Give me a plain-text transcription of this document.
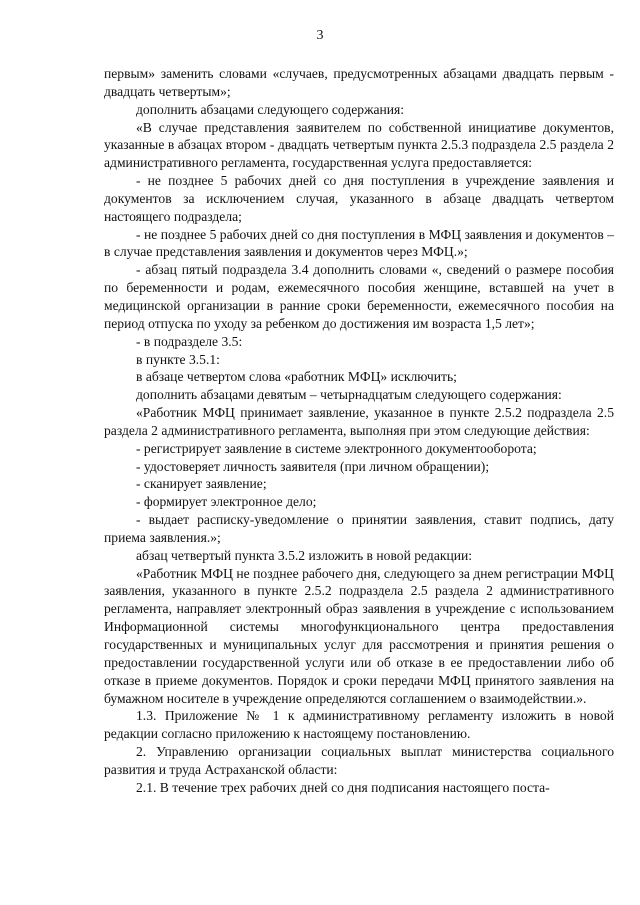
3

первым» заменить словами «случаев, предусмотренных абзацами двадцать первым - двадцать четвертым»;

дополнить абзацами следующего содержания:

«В случае представления заявителем по собственной инициативе документов, указанные в абзацах втором - двадцать четвертым пункта 2.5.3 подраздела 2.5 раздела 2 административного регламента, государственная услуга предоставляется:

- не позднее 5 рабочих дней со дня поступления в учреждение заявления и документов за исключением случая, указанного в абзаце двадцать четвертом настоящего подраздела;

- не позднее 5 рабочих дней со дня поступления в МФЦ заявления и документов – в случае представления заявления и документов через МФЦ.»;

- абзац пятый подраздела 3.4 дополнить словами «, сведений о размере пособия по беременности и родам, ежемесячного пособия женщине, вставшей на учет в медицинской организации в ранние сроки беременности, ежемесячного пособия на период отпуска по уходу за ребенком до достижения им возраста 1,5 лет»;

- в подразделе 3.5:

в пункте 3.5.1:

в абзаце четвертом слова «работник МФЦ» исключить;

дополнить абзацами девятым – четырнадцатым следующего содержания:

«Работник МФЦ принимает заявление, указанное в пункте 2.5.2 подраздела 2.5 раздела 2 административного регламента, выполняя при этом следующие действия:

- регистрирует заявление в системе электронного документооборота;

- удостоверяет личность заявителя (при личном обращении);

- сканирует заявление;

- формирует электронное дело;

- выдает расписку-уведомление о принятии заявления, ставит подпись, дату приема заявления.»;

абзац четвертый пункта 3.5.2 изложить в новой редакции:

«Работник МФЦ не позднее рабочего дня, следующего за днем регистрации МФЦ заявления, указанного в пункте 2.5.2 подраздела 2.5 раздела 2 административного регламента, направляет электронный образ заявления в учреждение с использованием Информационной системы многофункционального центра предоставления государственных и муниципальных услуг для рассмотрения и принятия решения о предоставлении государственной услуги или об отказе в ее предоставлении либо об отказе в приеме документов. Порядок и сроки передачи МФЦ принятого заявления на бумажном носителе в учреждение определяются соглашением о взаимодействии.».

1.3. Приложение № 1 к административному регламенту изложить в новой редакции согласно приложению к настоящему постановлению.

2. Управлению организации социальных выплат министерства социального развития и труда Астраханской области:

2.1. В течение трех рабочих дней со дня подписания настоящего поста-
